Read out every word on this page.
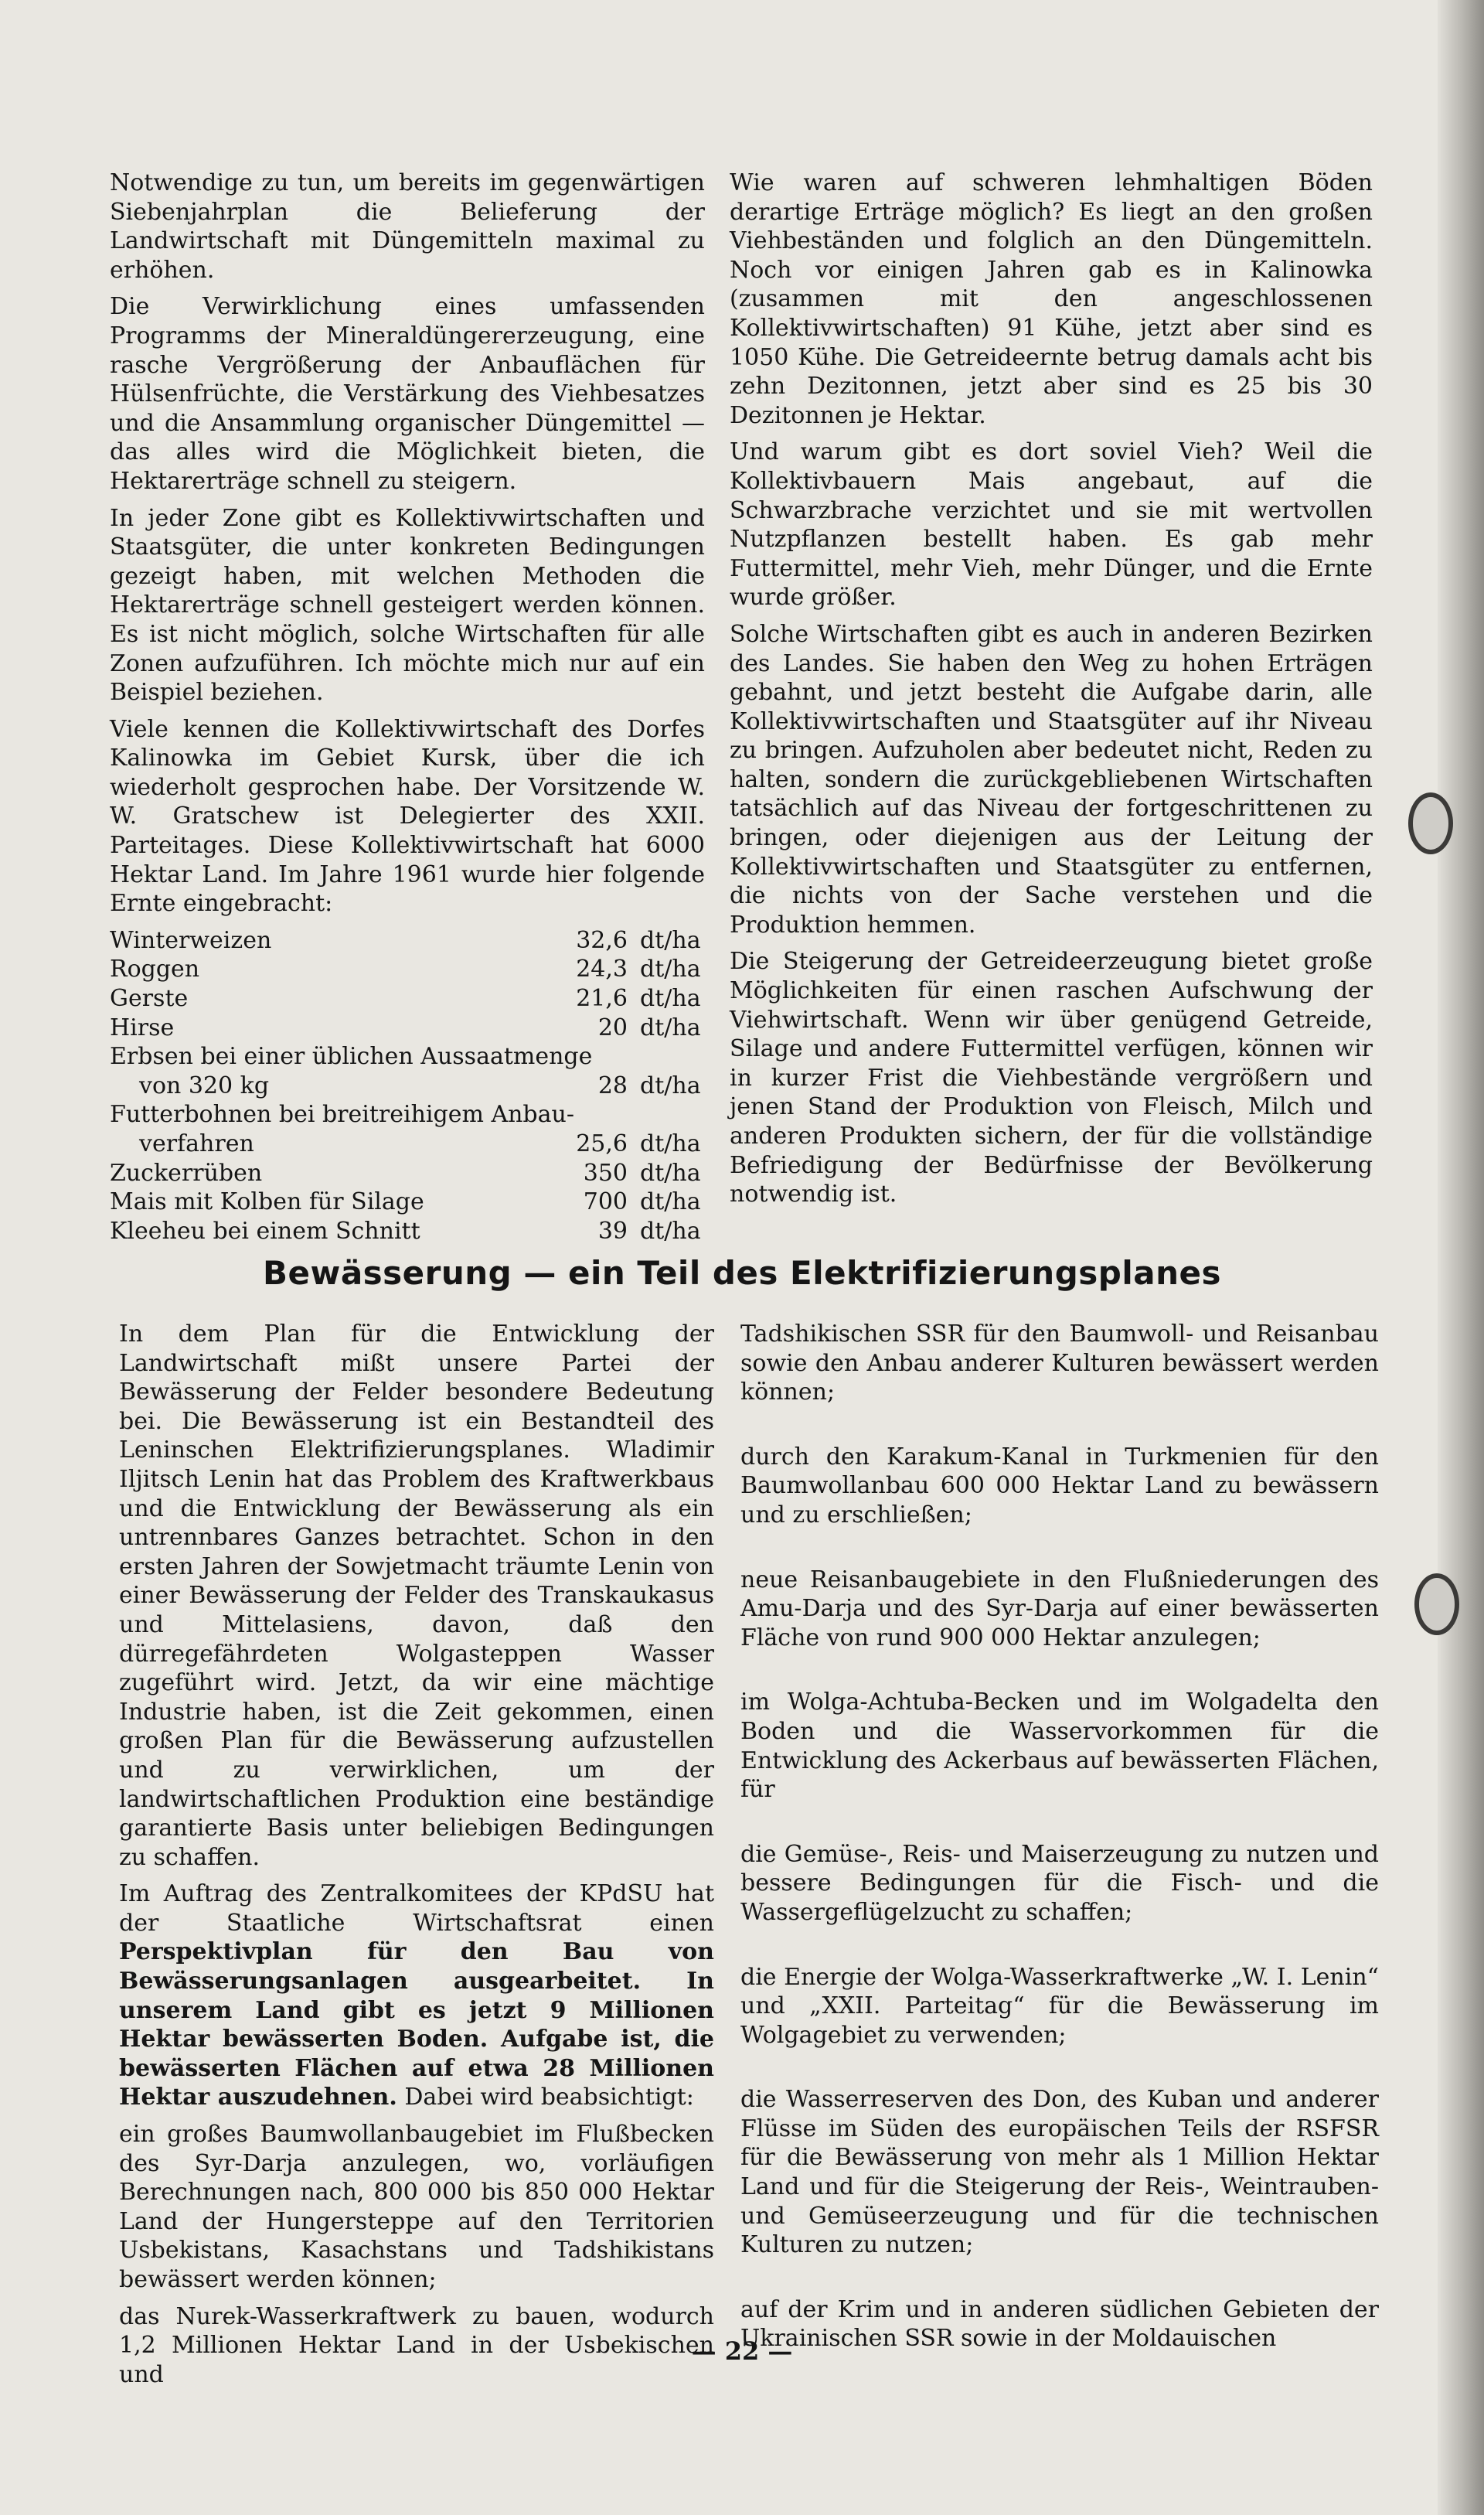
Notwendige zu tun, um bereits im gegenwärtigen Siebenjahrplan die Belieferung der Landwirtschaft mit Düngemitteln maximal zu erhöhen.

Die Verwirklichung eines umfassenden Programms der Mineraldüngererzeugung, eine rasche Vergrößerung der Anbauflächen für Hülsenfrüchte, die Verstärkung des Viehbesatzes und die Ansammlung organischer Düngemittel — das alles wird die Möglichkeit bieten, die Hektarerträge schnell zu steigern.

In jeder Zone gibt es Kollektivwirtschaften und Staatsgüter, die unter konkreten Bedingungen gezeigt haben, mit welchen Methoden die Hektarerträge schnell gesteigert werden können. Es ist nicht möglich, solche Wirtschaften für alle Zonen aufzuführen. Ich möchte mich nur auf ein Beispiel beziehen.

Viele kennen die Kollektivwirtschaft des Dorfes Kalinowka im Gebiet Kursk, über die ich wiederholt gesprochen habe. Der Vorsitzende W. W. Gratschew ist Delegierter des XXII. Parteitages. Diese Kollektivwirtschaft hat 6000 Hektar Land. Im Jahre 1961 wurde hier folgende Ernte eingebracht:

Winterweizen	32,6 dt/ha
Roggen	24,3 dt/ha
Gerste	21,6 dt/ha
Hirse	20 dt/ha
Erbsen bei einer üblichen Aussaatmenge
von 320 kg	28 dt/ha
Futterbohnen bei breitreihigem Anbau-
verfahren	25,6 dt/ha
Zuckerrüben	350 dt/ha
Mais mit Kolben für Silage	700 dt/ha
Kleeheu bei einem Schnitt	39 dt/ha

Wie waren auf schweren lehmhaltigen Böden derartige Erträge möglich? Es liegt an den großen Viehbeständen und folglich an den Düngemitteln. Noch vor einigen Jahren gab es in Kalinowka (zusammen mit den angeschlossenen Kollektivwirtschaften) 91 Kühe, jetzt aber sind es 1050 Kühe. Die Getreideernte betrug damals acht bis zehn Dezitonnen, jetzt aber sind es 25 bis 30 Dezitonnen je Hektar.

Und warum gibt es dort soviel Vieh? Weil die Kollektivbauern Mais angebaut, auf die Schwarzbrache verzichtet und sie mit wertvollen Nutzpflanzen bestellt haben. Es gab mehr Futtermittel, mehr Vieh, mehr Dünger, und die Ernte wurde größer.

Solche Wirtschaften gibt es auch in anderen Bezirken des Landes. Sie haben den Weg zu hohen Erträgen gebahnt, und jetzt besteht die Aufgabe darin, alle Kollektivwirtschaften und Staatsgüter auf ihr Niveau zu bringen. Aufzuholen aber bedeutet nicht, Reden zu halten, sondern die zurückgebliebenen Wirtschaften tatsächlich auf das Niveau der fortgeschrittenen zu bringen, oder diejenigen aus der Leitung der Kollektivwirtschaften und Staatsgüter zu entfernen, die nichts von der Sache verstehen und die Produktion hemmen.

Die Steigerung der Getreideerzeugung bietet große Möglichkeiten für einen raschen Aufschwung der Viehwirtschaft. Wenn wir über genügend Getreide, Silage und andere Futtermittel verfügen, können wir in kurzer Frist die Viehbestände vergrößern und jenen Stand der Produktion von Fleisch, Milch und anderen Produkten sichern, der für die vollständige Befriedigung der Bedürfnisse der Bevölkerung notwendig ist.

Bewässerung — ein Teil des Elektrifizierungsplanes

In dem Plan für die Entwicklung der Landwirtschaft mißt unsere Partei der Bewässerung der Felder besondere Bedeutung bei. Die Bewässerung ist ein Bestandteil des Leninschen Elektrifizierungsplanes. Wladimir Iljitsch Lenin hat das Problem des Kraftwerkbaus und die Entwicklung der Bewässerung als ein untrennbares Ganzes betrachtet. Schon in den ersten Jahren der Sowjetmacht träumte Lenin von einer Bewässerung der Felder des Transkaukasus und Mittelasiens, davon, daß den dürregefährdeten Wolgasteppen Wasser zugeführt wird. Jetzt, da wir eine mächtige Industrie haben, ist die Zeit gekommen, einen großen Plan für die Bewässerung aufzustellen und zu verwirklichen, um der landwirtschaftlichen Produktion eine beständige garantierte Basis unter beliebigen Bedingungen zu schaffen.

Im Auftrag des Zentralkomitees der KPdSU hat der Staatliche Wirtschaftsrat einen Perspektivplan für den Bau von Bewässerungsanlagen ausgearbeitet. In unserem Land gibt es jetzt 9 Millionen Hektar bewässerten Boden. Aufgabe ist, die bewässerten Flächen auf etwa 28 Millionen Hektar auszudehnen. Dabei wird beabsichtigt:

ein großes Baumwollanbaugebiet im Flußbecken des Syr-Darja anzulegen, wo, vorläufigen Berechnungen nach, 800 000 bis 850 000 Hektar Land der Hungersteppe auf den Territorien Usbekistans, Kasachstans und Tadshikistans bewässert werden können;

das Nurek-Wasserkraftwerk zu bauen, wodurch 1,2 Millionen Hektar Land in der Usbekischen und

Tadshikischen SSR für den Baumwoll- und Reisanbau sowie den Anbau anderer Kulturen bewässert werden können;

durch den Karakum-Kanal in Turkmenien für den Baumwollanbau 600 000 Hektar Land zu bewässern und zu erschließen;

neue Reisanbaugebiete in den Flußniederungen des Amu-Darja und des Syr-Darja auf einer bewässerten Fläche von rund 900 000 Hektar anzulegen;

im Wolga-Achtuba-Becken und im Wolgadelta den Boden und die Wasservorkommen für die Entwicklung des Ackerbaus auf bewässerten Flächen, für

die Gemüse-, Reis- und Maiserzeugung zu nutzen und bessere Bedingungen für die Fisch- und die Wassergeflügelzucht zu schaffen;

die Energie der Wolga-Wasserkraftwerke „W. I. Lenin“ und „XXII. Parteitag“ für die Bewässerung im Wolgagebiet zu verwenden;

die Wasserreserven des Don, des Kuban und anderer Flüsse im Süden des europäischen Teils der RSFSR für die Bewässerung von mehr als 1 Million Hektar Land und für die Steigerung der Reis-, Weintrauben- und Gemüseerzeugung und für die technischen Kulturen zu nutzen;

auf der Krim und in anderen südlichen Gebieten der Ukrainischen SSR sowie in der Moldauischen

— 22 —
